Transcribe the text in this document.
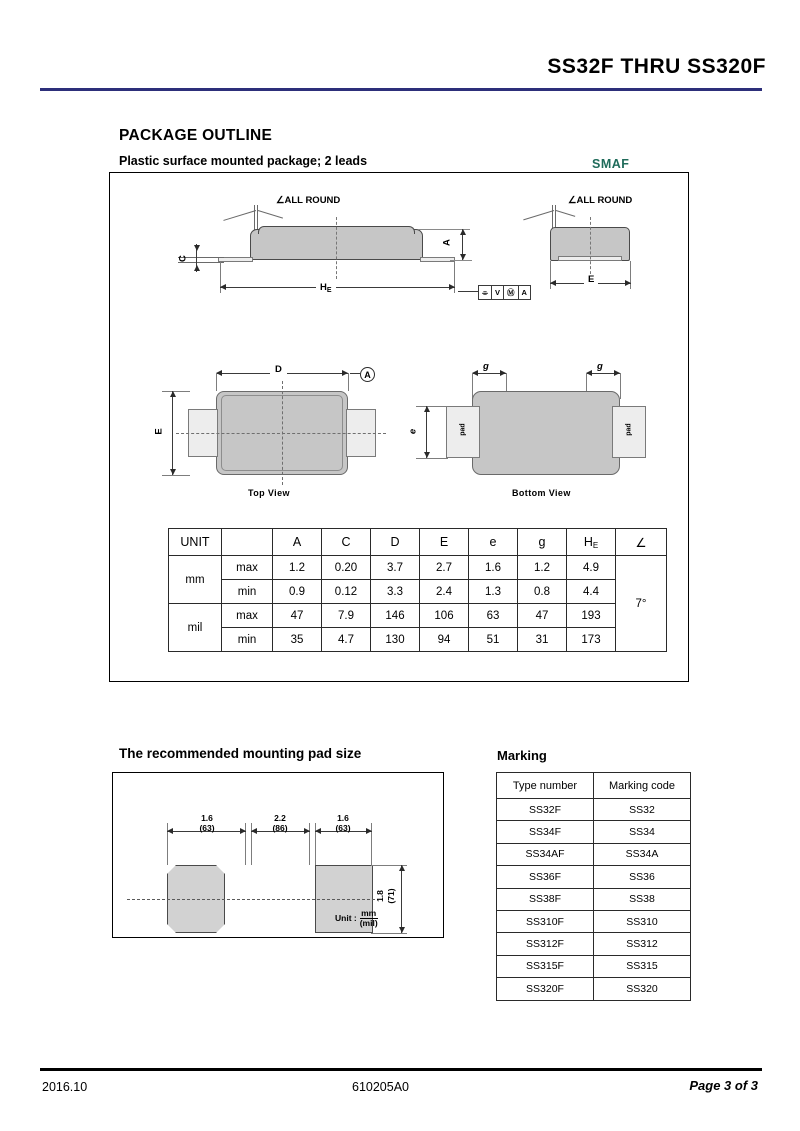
SS32F THRU SS320F
PACKAGE OUTLINE
Plastic surface mounted package; 2 leads	SMAF
∠ALL ROUND
C
A
HE	⌯ V Ⓜ A
∠ALL ROUND
E
D	A
E
Top View
g	g
pad	pad
e
Bottom View
UNIT		A	C	D	E	e	g	HE	∠
mm	max	1.2	0.20	3.7	2.7	1.6	1.2	4.9	7°
	min	0.9	0.12	3.3	2.4	1.3	0.8	4.4	
mil	max	47	7.9	146	106	63	47	193	
	min	35	4.7	130	94	51	31	173	
The recommended mounting pad size
1.6
(63)
2.2
(86)
1.6
(63)
1.8 (71)
Unit : $\frac{mm}{\text{(mil)}}$
Marking
Type number	Marking code
SS32F	SS32
SS34F	SS34
SS34AF	SS34A
SS36F	SS36
SS38F	SS38
SS310F	SS310
SS312F	SS312
SS315F	SS315
SS320F	SS320
2016.10	610205A0	Page 3 of 3
